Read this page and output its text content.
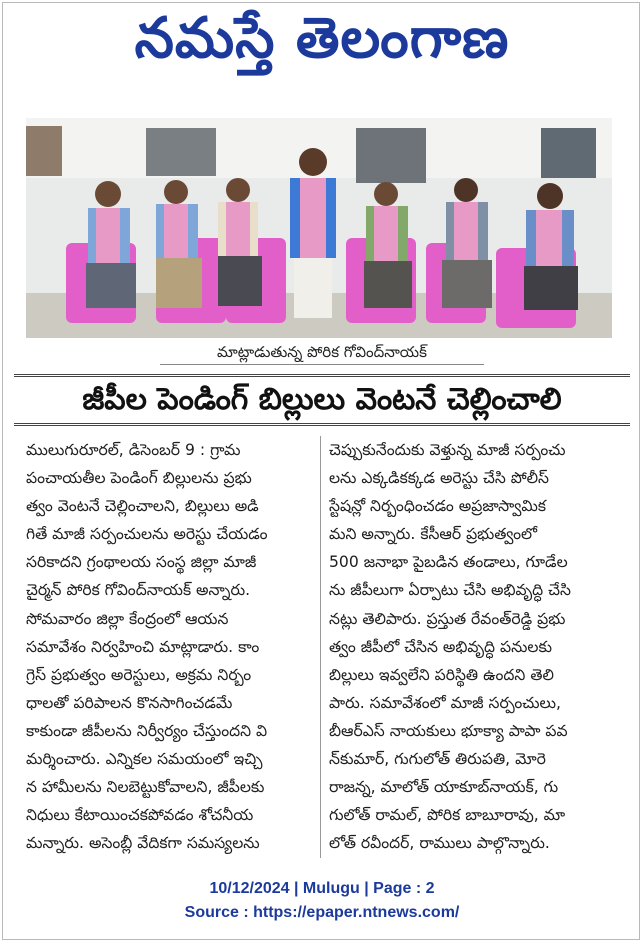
నమస్తే తెలంగాణ
మాట్లాడుతున్న పోరిక గోవింద్‌నాయక్
జీపీల పెండింగ్ బిల్లులు వెంటనే చెల్లించాలి
ములుగురూరల్, డిసెంబర్ 9 : గ్రామ
పంచాయతీల పెండింగ్ బిల్లులను ప్రభు
త్వం వెంటనే చెల్లించాలని, బిల్లులు అడి
గితే మాజీ సర్పంచులను అరెస్టు చేయడం
సరికాదని గ్రంథాలయ సంస్థ జిల్లా మాజీ
చైర్మన్ పోరిక గోవింద్‌నాయక్ అన్నారు.
సోమవారం జిల్లా కేంద్రంలో ఆయన
సమావేశం నిర్వహించి మాట్లాడారు. కాం
గ్రెస్ ప్రభుత్వం అరెస్టులు, అక్రమ నిర్బం
ధాలతో పరిపాలన కొనసాగించడమే
కాకుండా జీపీలను నిర్వీర్యం చేస్తుందని వి
మర్శించారు. ఎన్నికల సమయంలో ఇచ్చి
న హామీలను నిలబెట్టుకోవాలని, జీపీలకు
నిధులు కేటాయించకపోవడం శోచనీయ
మన్నారు. అసెంబ్లీ వేదికగా సమస్యలను
చెప్పుకునేందుకు వెళ్తున్న మాజీ సర్పంచు
లను ఎక్కడికక్కడ అరెస్టు చేసి పోలీస్
స్టేషన్లో నిర్బంధించడం అప్రజాస్వామిక
మని అన్నారు. కేసీఆర్ ప్రభుత్వంలో
500 జనాభా పైబడిన తండాలు, గూడేల
ను జీపీలుగా ఏర్పాటు చేసి అభివృద్ధి చేసి
నట్లు తెలిపారు. ప్రస్తుత రేవంత్‌రెడ్డి ప్రభు
త్వం జీపీలో చేసిన అభివృద్ధి పనులకు
బిల్లులు ఇవ్వలేని పరిస్థితి ఉందని తెలి
పారు. సమావేశంలో మాజీ సర్పంచులు,
బీఆర్ఎస్ నాయకులు భూక్యా పాపా పవ
న్‌కుమార్, గుగులోత్ తిరుపతి, మోరె
రాజన్న, మాలోత్ యాకూబ్‌నాయక్, గు
గులోత్ రామల్, పోరిక బాబూరావు, మా
లోత్ రవీందర్, రాములు పాల్గొన్నారు.
10/12/2024 | Mulugu | Page : 2
Source : https://epaper.ntnews.com/
